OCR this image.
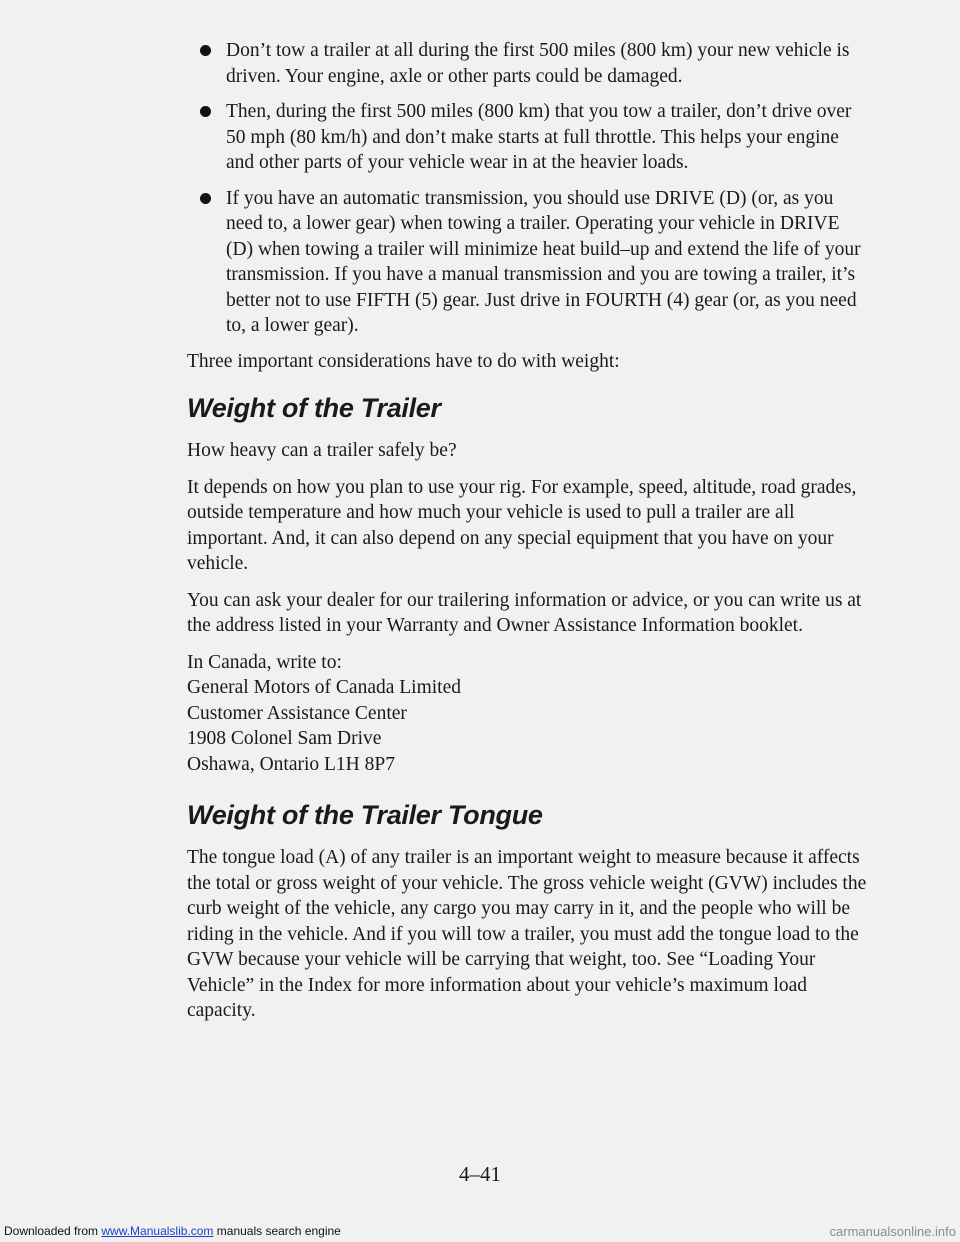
Don’t tow a trailer at all during the first 500 miles (800 km) your new vehicle is driven. Your engine, axle or other parts could be damaged.
Then, during the first 500 miles (800 km) that you tow a trailer, don’t drive over 50 mph (80 km/h) and don’t make starts at full throttle. This helps your engine and other parts of your vehicle wear in at the heavier loads.
If you have an automatic transmission, you should use DRIVE (D) (or, as you need to, a lower gear) when towing a trailer. Operating your vehicle in DRIVE (D) when towing a trailer will minimize heat build–up and extend the life of your transmission. If you have a manual transmission and you are towing a trailer, it’s better not to use FIFTH (5) gear. Just drive in FOURTH (4) gear (or, as you need to, a lower gear).

Three important considerations have to do with weight:

Weight of the Trailer

How heavy can a trailer safely be?

It depends on how you plan to use your rig. For example, speed, altitude, road grades, outside temperature and how much your vehicle is used to pull a trailer are all important. And, it can also depend on any special equipment that you have on your vehicle.

You can ask your dealer for our trailering information or advice, or you can write us at the address listed in your Warranty and Owner Assistance Information booklet.

In Canada, write to:
General Motors of Canada Limited
Customer Assistance Center
1908 Colonel Sam Drive
Oshawa, Ontario L1H 8P7
Weight of the Trailer Tongue

The tongue load (A) of any trailer is an important weight to measure because it affects the total or gross weight of your vehicle. The gross vehicle weight (GVW) includes the curb weight of the vehicle, any cargo you may carry in it, and the people who will be riding in the vehicle. And if you will tow a trailer, you must add the tongue load to the GVW because your vehicle will be carrying that weight, too. See “Loading Your Vehicle” in the Index for more information about your vehicle’s maximum load capacity.

4–41
Downloaded from www.Manualslib.com manuals search engine	carmanualsonline.info
